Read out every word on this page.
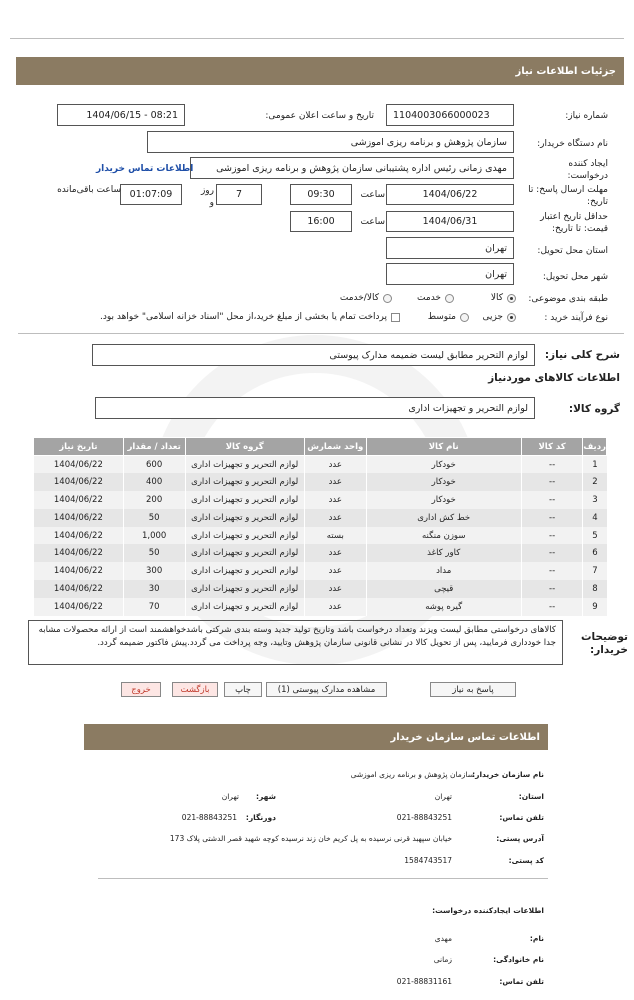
جزئیات اطلاعات نیاز
شماره نیاز:
1104003066000023
تاریخ و ساعت اعلان عمومی:
1404/06/15 - 08:21
نام دستگاه خریدار:
سازمان پژوهش و برنامه ریزی اموزشی
ایجاد کننده درخواست:
مهدی زمانی رئیس اداره پشتیبانی سازمان پژوهش و برنامه ریزی اموزشی
اطلاعات تماس خریدار
مهلت ارسال پاسخ: تا تاریخ:
1404/06/22
ساعت
09:30
7
روز و
01:07:09
ساعت باقی‌مانده
حداقل تاریخ اعتبار قیمت: تا تاریخ:
1404/06/31
ساعت
16:00
استان محل تحویل:
تهران
شهر محل تحویل:
تهران
طبقه بندی موضوعی:
کالا
خدمت
کالا/خدمت
نوع فرآیند خرید :
جزیی
متوسط
پرداخت تمام یا بخشی از مبلغ خرید،از محل "اسناد خزانه اسلامی" خواهد بود.
شرح کلی نیاز:
لوازم التحریر مطابق لیست ضمیمه مدارک پیوستی
اطلاعات کالاهای موردنیاز
گروه کالا:
لوازم التحریر و تجهیزات اداری
ردیف	کد کالا	نام کالا	واحد شمارش	گروه کالا	تعداد / مقدار	تاریخ نیاز
1	--	خودکار	عدد	لوازم التحریر و تجهیزات اداری	600	1404/06/22
2	--	خودکار	عدد	لوازم التحریر و تجهیزات اداری	400	1404/06/22
3	--	خودکار	عدد	لوازم التحریر و تجهیزات اداری	200	1404/06/22
4	--	خط کش اداری	عدد	لوازم التحریر و تجهیزات اداری	50	1404/06/22
5	--	سوزن منگنه	بسته	لوازم التحریر و تجهیزات اداری	1,000	1404/06/22
6	--	کاور کاغذ	عدد	لوازم التحریر و تجهیزات اداری	50	1404/06/22
7	--	مداد	عدد	لوازم التحریر و تجهیزات اداری	300	1404/06/22
8	--	قیچی	عدد	لوازم التحریر و تجهیزات اداری	30	1404/06/22
9	--	گیره پوشه	عدد	لوازم التحریر و تجهیزات اداری	70	1404/06/22
توضیحات خریدار:
کالاهای درخواستی مطابق لیست ویزند وتعداد درخواست باشد وتاریخ تولید جدید وسته بندی شرکتی باشدخواهشمند است از ارائه محصولات مشابه جدا خودداری فرمایید، پس از تحویل کالا در نشانی قانونی سازمان پژوهش وتایید، وجه پرداخت می گردد.پیش فاکتور ضمیمه گردد.
پاسخ به نیاز
مشاهده مدارک پیوستی (1)
چاپ
بازگشت
خروج
اطلاعات تماس سازمان خریدار
نام سازمان خریدار:
سازمان پژوهش و برنامه ریزی اموزشی
استان:
تهران
شهر:
تهران
تلفن تماس:
021-88843251
دورنگار:
021-88843251
آدرس پستی:
خیابان سپهبد قرنی نرسیده به پل کریم خان زند نرسیده کوچه شهید قصر الدشتی پلاک 173
کد پستی:
1584743517
اطلاعات ایجادکننده درخواست:
نام:
مهدی
نام خانوادگی:
زمانی
تلفن تماس:
021-88831161
